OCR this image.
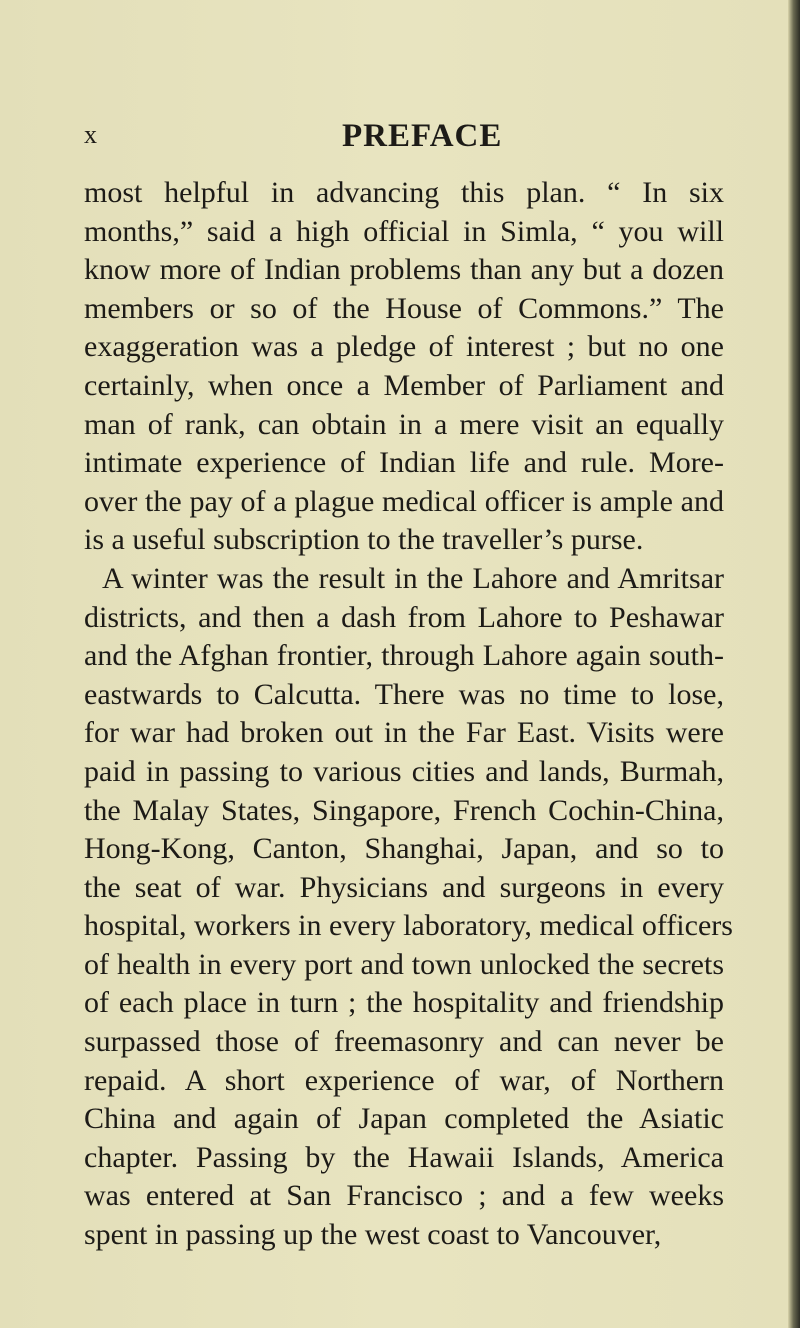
x	PREFACE
most helpful in advancing this plan. “ In six
months,” said a high official in Simla, “ you will
know more of Indian problems than any but a dozen
members or so of the House of Commons.” The
exaggeration was a pledge of interest ; but no one
certainly, when once a Member of Parliament and
man of rank, can obtain in a mere visit an equally
intimate experience of Indian life and rule. More-
over the pay of a plague medical officer is ample and
is a useful subscription to the traveller’s purse.
A winter was the result in the Lahore and Amritsar
districts, and then a dash from Lahore to Peshawar
and the Afghan frontier, through Lahore again south-
eastwards to Calcutta. There was no time to lose,
for war had broken out in the Far East. Visits were
paid in passing to various cities and lands, Burmah,
the Malay States, Singapore, French Cochin-China,
Hong-Kong, Canton, Shanghai, Japan, and so to
the seat of war. Physicians and surgeons in every
hospital, workers in every laboratory, medical officers
of health in every port and town unlocked the secrets
of each place in turn ; the hospitality and friendship
surpassed those of freemasonry and can never be
repaid. A short experience of war, of Northern
China and again of Japan completed the Asiatic
chapter. Passing by the Hawaii Islands, America
was entered at San Francisco ; and a few weeks
spent in passing up the west coast to Vancouver,
